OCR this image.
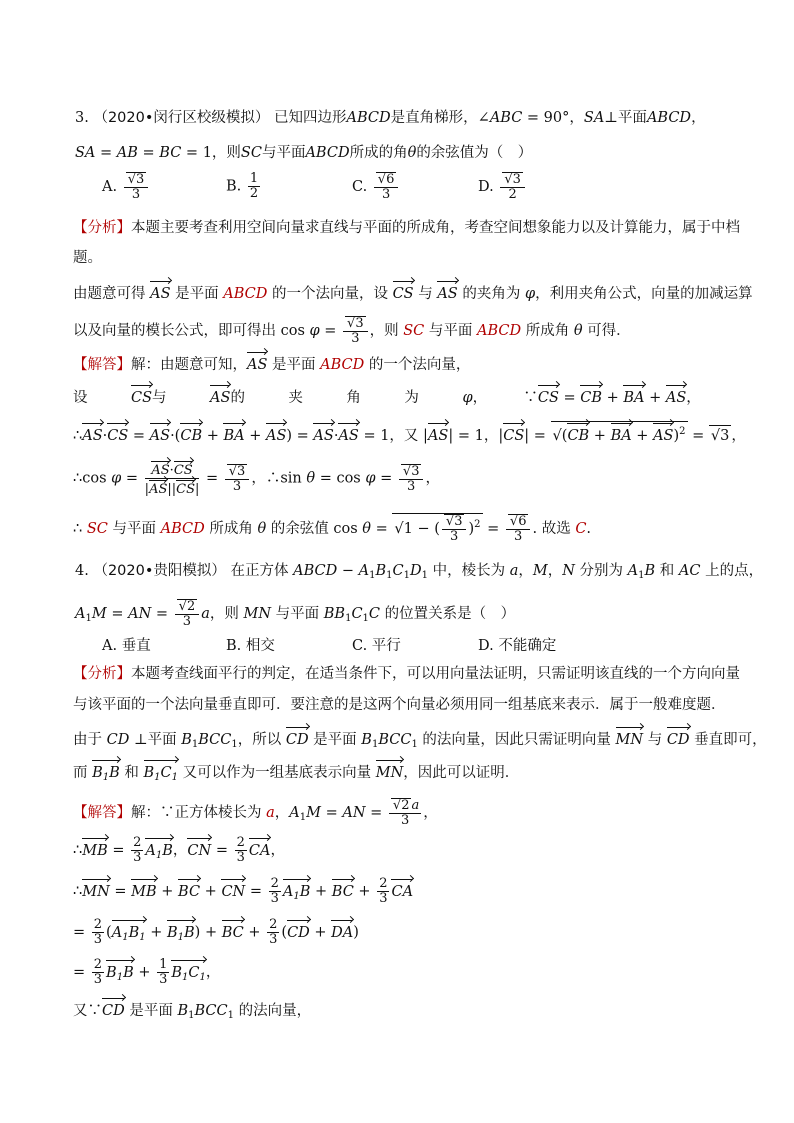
3. （2020•闵行区校级模拟） 已知四边形ABCD是直角梯形，∠ABC = 90°，SA⊥平面ABCD，
SA = AB = BC = 1，则SC与平面ABCD所成的角θ的余弦值为（　）
A. √ $\frac{3}{3}$	B. $\frac{1}{2}$	C. √ $\frac{6}{3}$	D. √ $\frac{3}{2}$
【分析】本题主要考查利用空间向量求直线与平面的所成角，考查空间想象能力以及计算能力，属于中档
题。
由题意可得 AS 是平面 ABCD 的一个法向量，设 CS 与 AS 的夹角为 φ，利用夹角公式，向量的加减运算
以及向量的模长公式，即可得出 cos φ = √ $\frac{3}{3}$ ，则 SC 与平面 ABCD 所成角 θ 可得．
【解答】解：由题意可知，AS 是平面 ABCD 的一个法向量，
设　　　CS与　　　AS的　　　夹　　　角　　　为　　　φ，　　　∵CS = CB + BA + AS，
∴AS·CS = AS·(CB + BA + AS) = AS·AS = 1，又 |AS| = 1，|CS| = √ (CB + BA + AS)$^2$ = √ 3 ，
∴cos $\varphi = \frac{AS\cdot CS}{|AS||CS|}$ = √ $\frac{3}{3}$ ，∴sin θ = cos φ = √ $\frac{3}{3}$ ，
∴ SC 与平面 ABCD 所成角 θ 的余弦值 cos θ = √ 1 − ( √ $\frac{3}{3} )^2$ = √ $\frac{6}{3}$ . 故选 C.
4. （2020•贵阳模拟） 在正方体 ABCD − $A_1B_1C_1D_1$ 中，棱长为 a，M，N 分别为 $A_1B$ 和 AC 上的点，
$A_1M$ = AN = √ $\frac{2}{3}$ a，则 MN 与平面 $BB_1C_1C$ 的位置关系是（　）
A. 垂直	B. 相交	C. 平行	D. 不能确定
【分析】本题考查线面平行的判定，在适当条件下，可以用向量法证明，只需证明该直线的一个方向向量
与该平面的一个法向量垂直即可．要注意的是这两个向量必须用同一组基底来表示．属于一般难度题．
由于 CD ⊥平面 $B_1BCC_1$，所以 CD 是平面 $B_1BCC_1$ 的法向量，因此只需证明向量 MN 与 CD 垂直即可，
而 $B_1B$ 和 $B_1C_1$ 又可以作为一组基底表示向量 MN，因此可以证明．
【解答】解：∵正方体棱长为 a，$A_1M$ = AN = √ $\frac{2 a}{3}$ ，
∴MB = $\frac{2}{3} A_1B$，CN = $\frac{2}{3}$ CA，
∴MN = MB + BC + CN = $\frac{2}{3} A_1B$ + BC + $\frac{2}{3}$ CA
= $\frac{2}{3} (A_1B_1 + B_1B)$ + BC + $\frac{2}{3} (CD + DA)$
= $\frac{2}{3} B_1B + \frac{1}{3} B_1C_1$，
又∵CD 是平面 $B_1BCC_1$ 的法向量，
